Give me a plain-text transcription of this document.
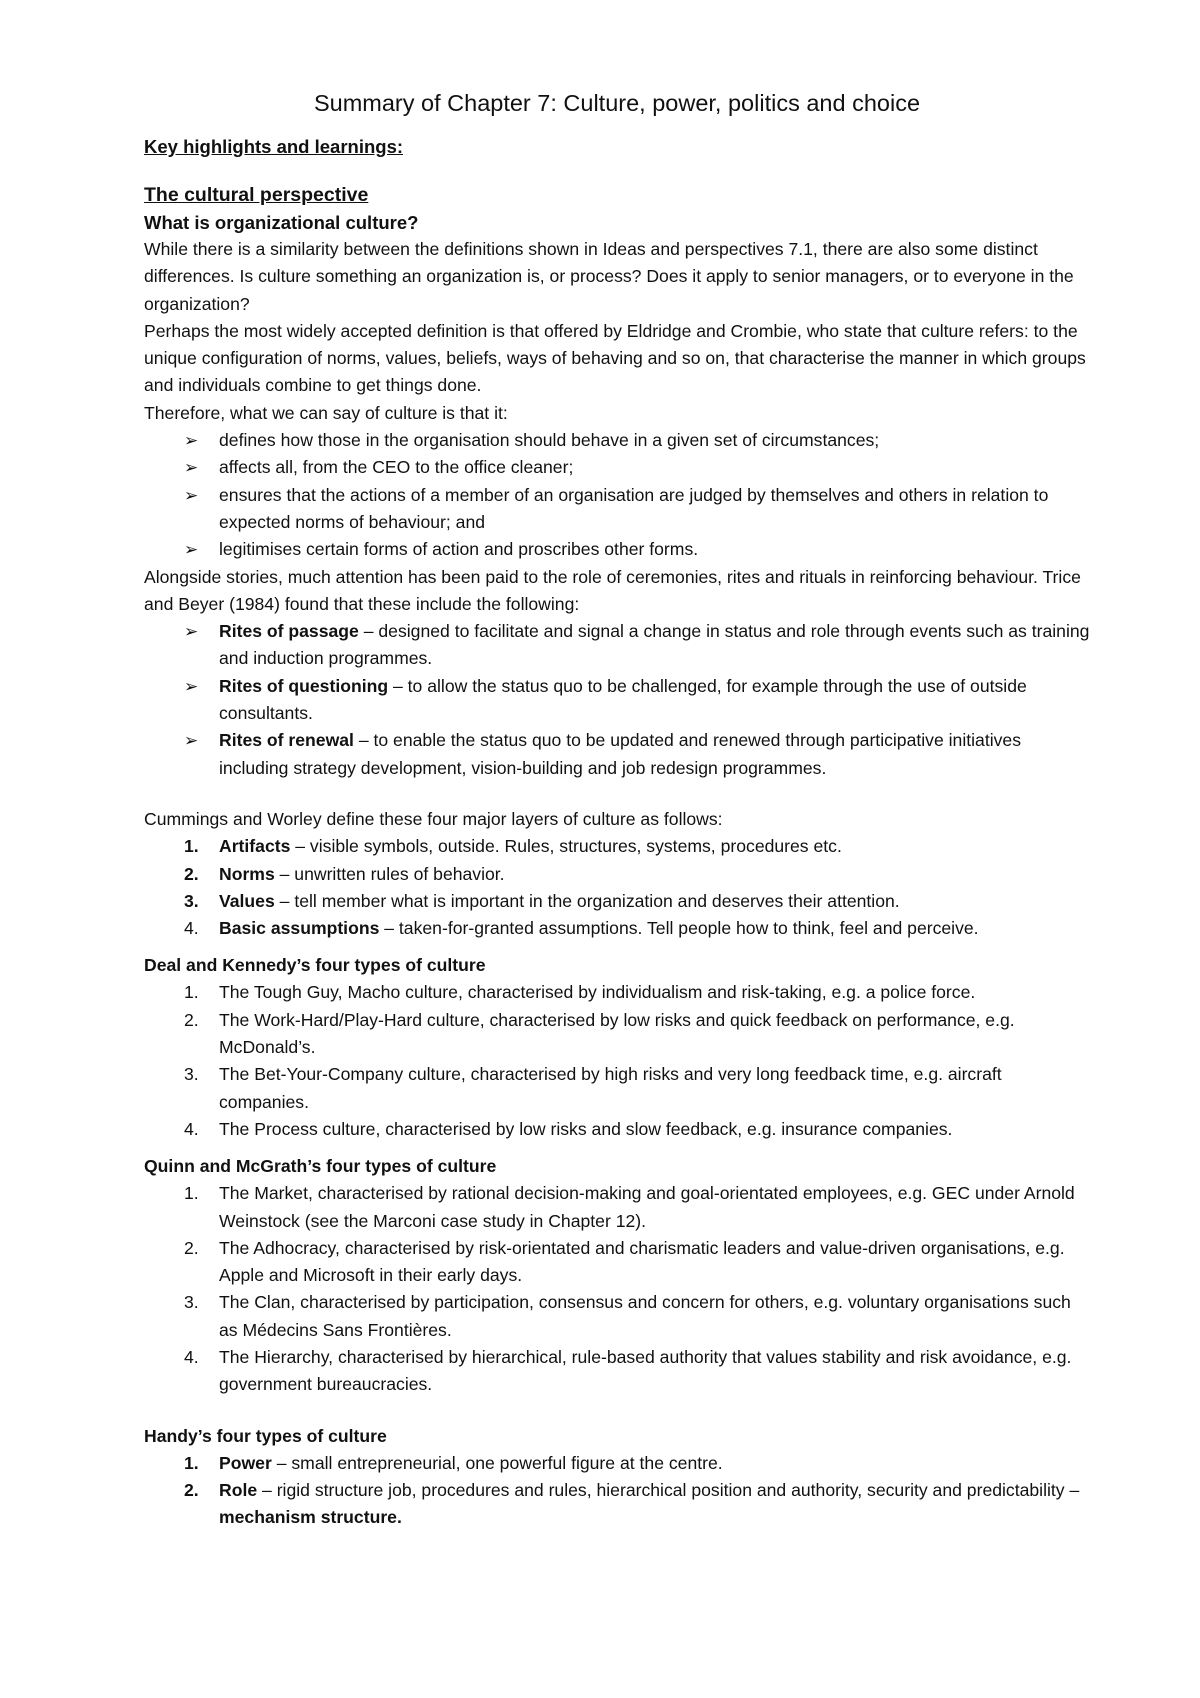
Summary of Chapter 7: Culture, power, politics and choice

Key highlights and learnings:

The cultural perspective

What is organizational culture?

While there is a similarity between the definitions shown in Ideas and perspectives 7.1, there are also some distinct differences. Is culture something an organization is, or process? Does it apply to senior managers, or to everyone in the organization?

Perhaps the most widely accepted definition is that offered by Eldridge and Crombie, who state that culture refers: to the unique configuration of norms, values, beliefs, ways of behaving and so on, that characterise the manner in which groups and individuals combine to get things done.

Therefore, what we can say of culture is that it:

➢ defines how those in the organisation should behave in a given set of circumstances;
➢ affects all, from the CEO to the office cleaner;
➢ ensures that the actions of a member of an organisation are judged by themselves and others in relation to expected norms of behaviour; and
➢ legitimises certain forms of action and proscribes other forms.

Alongside stories, much attention has been paid to the role of ceremonies, rites and rituals in reinforcing behaviour. Trice and Beyer (1984) found that these include the following:

➢ Rites of passage – designed to facilitate and signal a change in status and role through events such as training and induction programmes.
➢ Rites of questioning – to allow the status quo to be challenged, for example through the use of outside consultants.
➢ Rites of renewal – to enable the status quo to be updated and renewed through participative initiatives including strategy development, vision-building and job redesign programmes.

Cummings and Worley define these four major layers of culture as follows:

1. Artifacts – visible symbols, outside. Rules, structures, systems, procedures etc.
2. Norms – unwritten rules of behavior.
3. Values – tell member what is important in the organization and deserves their attention.
4. Basic assumptions – taken-for-granted assumptions. Tell people how to think, feel and perceive.

Deal and Kennedy’s four types of culture

1. The Tough Guy, Macho culture, characterised by individualism and risk-taking, e.g. a police force.
2. The Work-Hard/Play-Hard culture, characterised by low risks and quick feedback on performance, e.g. McDonald’s.
3. The Bet-Your-Company culture, characterised by high risks and very long feedback time, e.g. aircraft companies.
4. The Process culture, characterised by low risks and slow feedback, e.g. insurance companies.

Quinn and McGrath’s four types of culture

1. The Market, characterised by rational decision-making and goal-orientated employees, e.g. GEC under Arnold Weinstock (see the Marconi case study in Chapter 12).
2. The Adhocracy, characterised by risk-orientated and charismatic leaders and value-driven organisations, e.g. Apple and Microsoft in their early days.
3. The Clan, characterised by participation, consensus and concern for others, e.g. voluntary organisations such as Médecins Sans Frontières.
4. The Hierarchy, characterised by hierarchical, rule-based authority that values stability and risk avoidance, e.g. government bureaucracies.

Handy’s four types of culture

1. Power – small entrepreneurial, one powerful figure at the centre.
2. Role – rigid structure job, procedures and rules, hierarchical position and authority, security and predictability – mechanism structure.
